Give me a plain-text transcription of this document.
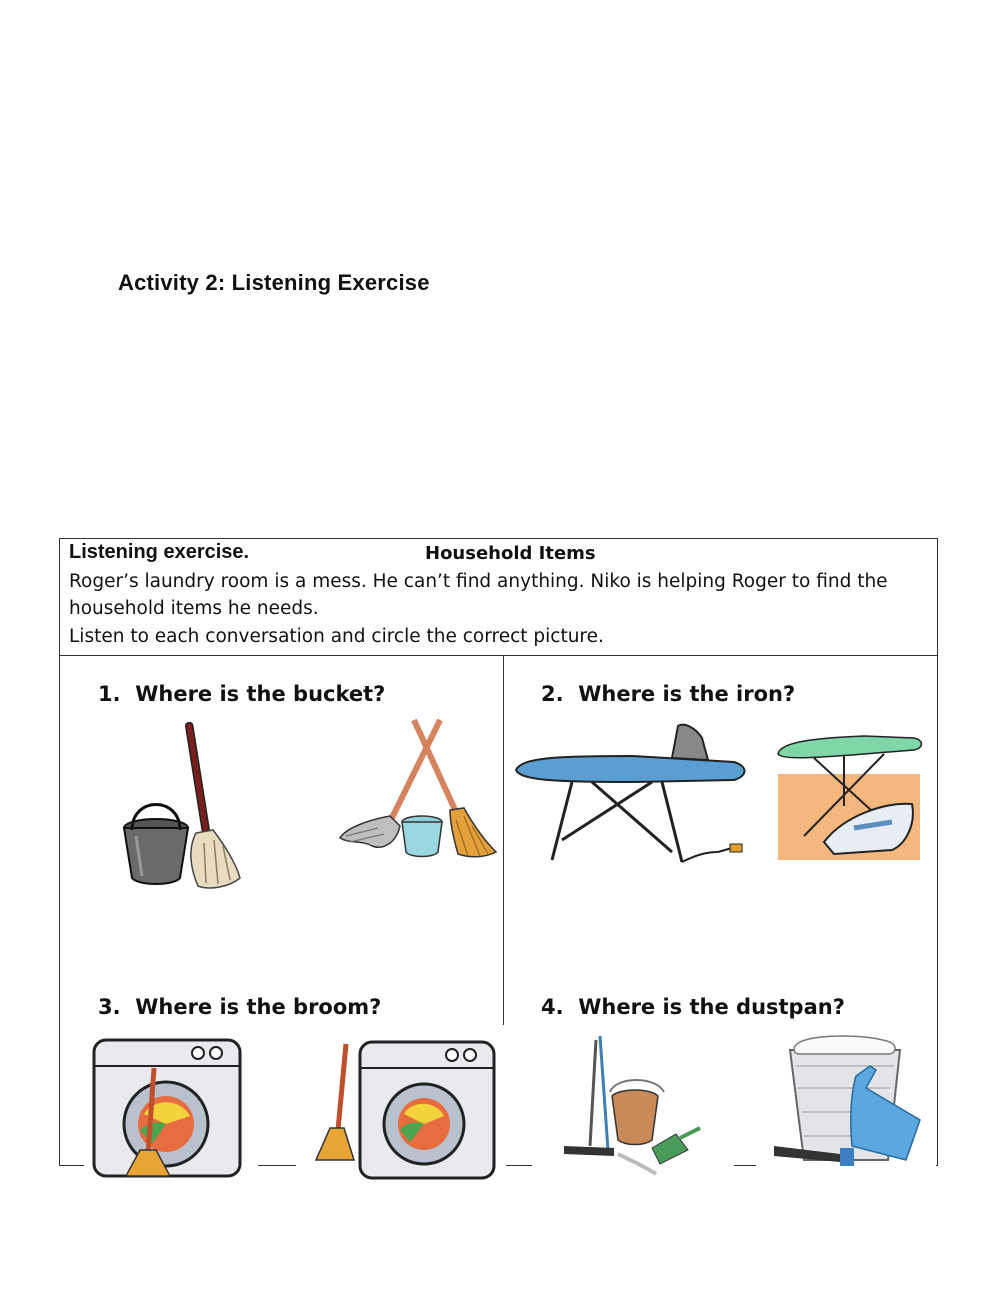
Activity 2: Listening Exercise
Listening exercise.	Household Items
Roger’s laundry room is a mess. He can’t find anything. Niko is helping Roger to find the household items he needs.
Listen to each conversation and circle the correct picture.
1. Where is the bucket?	2. Where is the iron?
3. Where is the broom?	4. Where is the dustpan?
